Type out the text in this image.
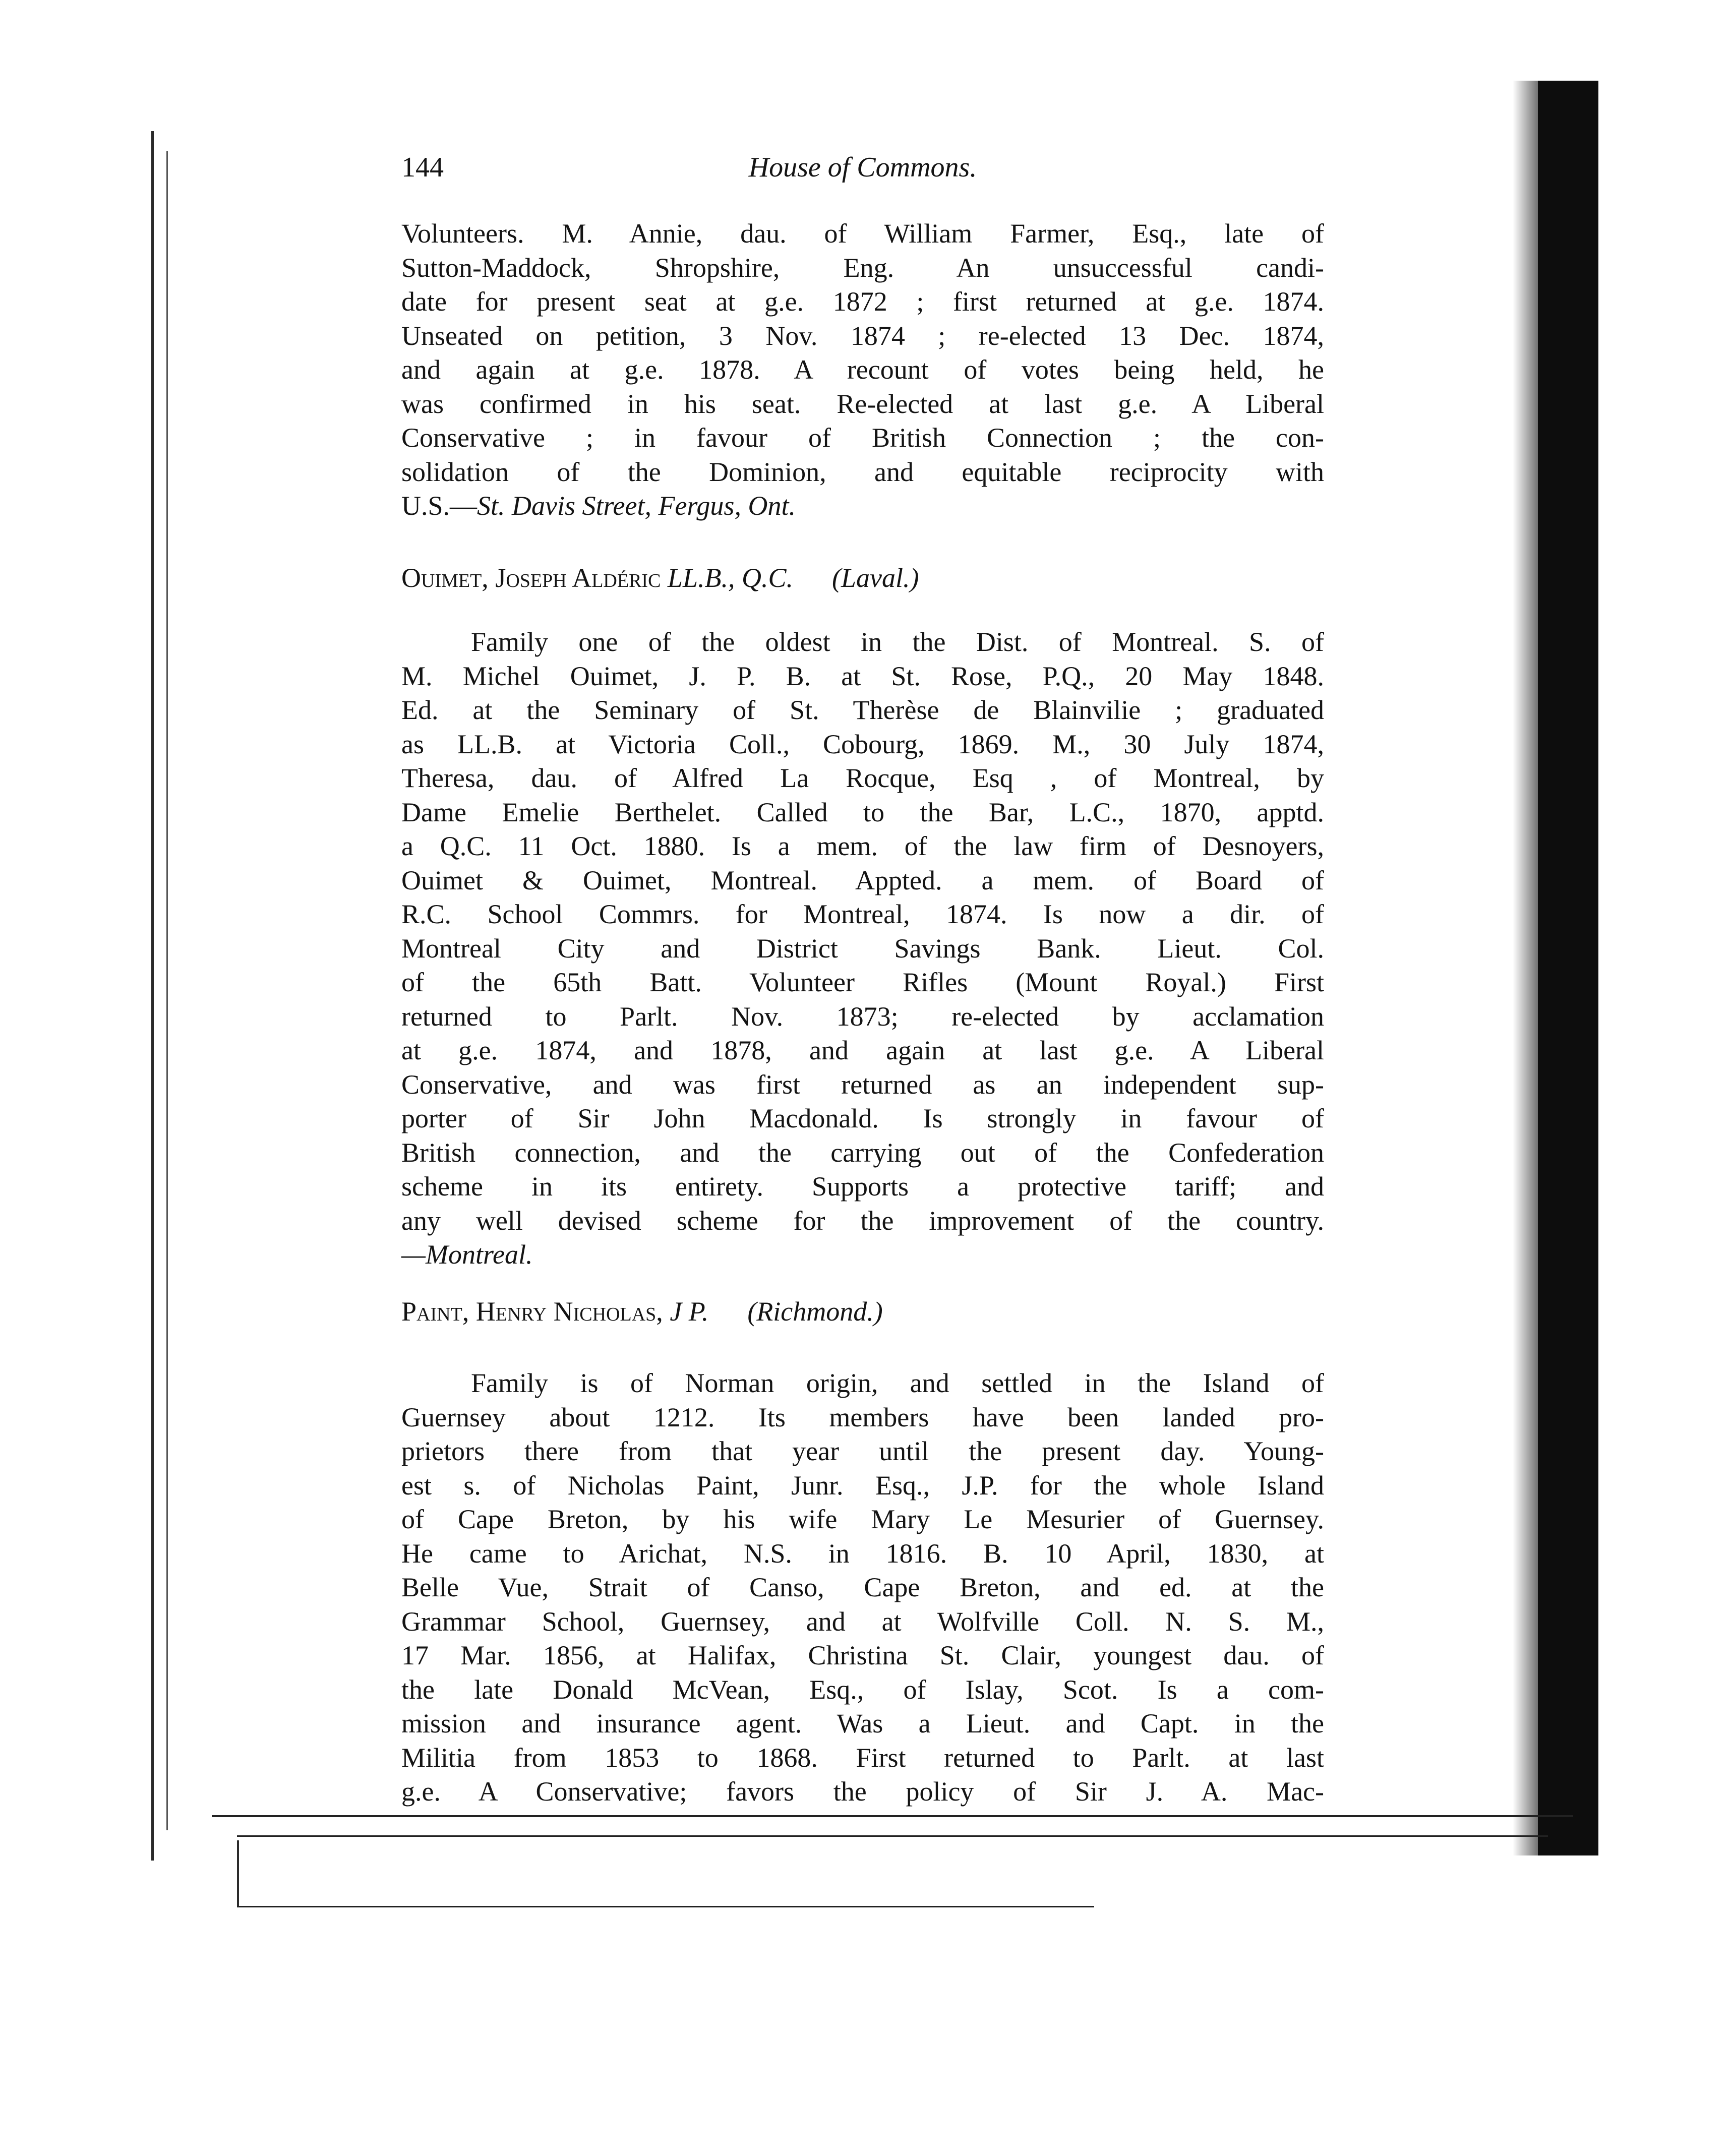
144	House of Commons.
Volunteers. M. Annie, dau. of William Farmer, Esq., late of
Sutton-Maddock, Shropshire, Eng. An unsuccessful candi-
date for present seat at g.e. 1872 ; first returned at g.e. 1874.
Unseated on petition, 3 Nov. 1874 ; re-elected 13 Dec. 1874,
and again at g.e. 1878. A recount of votes being held, he
was confirmed in his seat. Re-elected at last g.e. A Liberal
Conservative ; in favour of British Connection ; the con-
solidation of the Dominion, and equitable reciprocity with
U.S.—St. Davis Street, Fergus, Ont.
Ouimet, Joseph Aldéric LL.B., Q.C. (Laval.)
Family one of the oldest in the Dist. of Montreal. S. of
M. Michel Ouimet, J. P. B. at St. Rose, P.Q., 20 May 1848.
Ed. at the Seminary of St. Therèse de Blainvilie ; graduated
as LL.B. at Victoria Coll., Cobourg, 1869. M., 30 July 1874,
Theresa, dau. of Alfred La Rocque, Esq , of Montreal, by
Dame Emelie Berthelet. Called to the Bar, L.C., 1870, apptd.
a Q.C. 11 Oct. 1880. Is a mem. of the law firm of Desnoyers,
Ouimet & Ouimet, Montreal. Appted. a mem. of Board of
R.C. School Commrs. for Montreal, 1874. Is now a dir. of
Montreal City and District Savings Bank. Lieut. Col.
of the 65th Batt. Volunteer Rifles (Mount Royal.) First
returned to Parlt. Nov. 1873; re-elected by acclamation
at g.e. 1874, and 1878, and again at last g.e. A Liberal
Conservative, and was first returned as an independent sup-
porter of Sir John Macdonald. Is strongly in favour of
British connection, and the carrying out of the Confederation
scheme in its entirety. Supports a protective tariff; and
any well devised scheme for the improvement of the country.
—Montreal.
Paint, Henry Nicholas, J P. (Richmond.)
Family is of Norman origin, and settled in the Island of
Guernsey about 1212. Its members have been landed pro-
prietors there from that year until the present day. Young-
est s. of Nicholas Paint, Junr. Esq., J.P. for the whole Island
of Cape Breton, by his wife Mary Le Mesurier of Guernsey.
He came to Arichat, N.S. in 1816. B. 10 April, 1830, at
Belle Vue, Strait of Canso, Cape Breton, and ed. at the
Grammar School, Guernsey, and at Wolfville Coll. N. S. M.,
17 Mar. 1856, at Halifax, Christina St. Clair, youngest dau. of
the late Donald McVean, Esq., of Islay, Scot. Is a com-
mission and insurance agent. Was a Lieut. and Capt. in the
Militia from 1853 to 1868. First returned to Parlt. at last
g.e. A Conservative; favors the policy of Sir J. A. Mac-
